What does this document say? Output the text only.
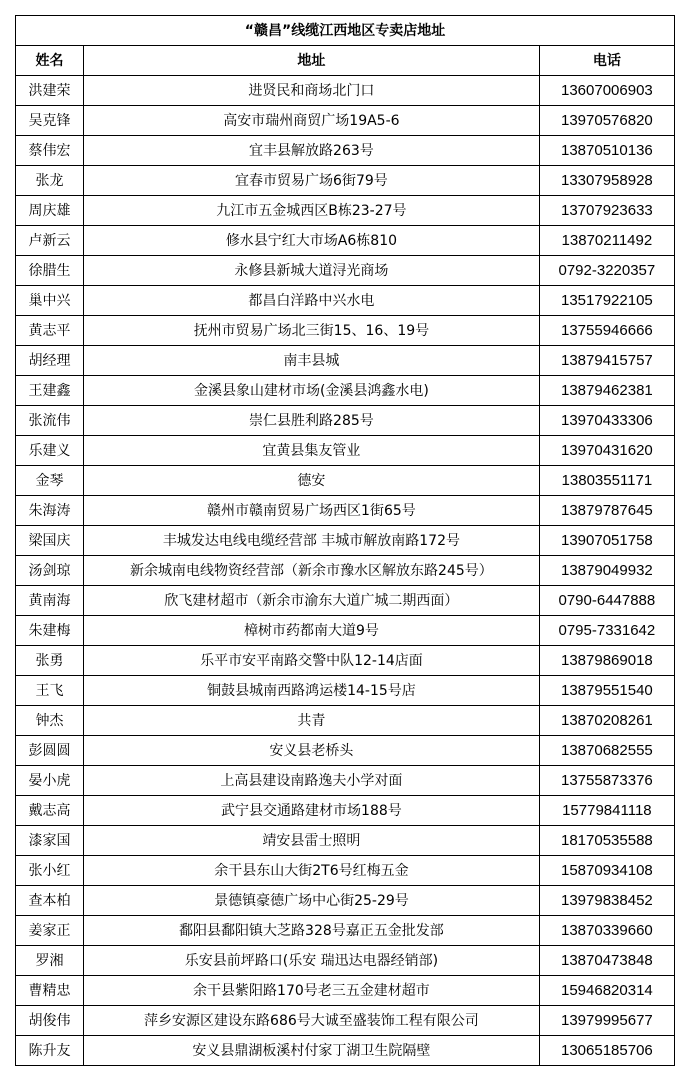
“赣昌”线缆江西地区专卖店地址		
姓名	地址	电话
洪建荣	进贤民和商场北门口	13607006903
吴克锋	高安市瑞州商贸广场19A5-6	13970576820
蔡伟宏	宜丰县解放路263号	13870510136
张龙	宜春市贸易广场6街79号	13307958928
周庆雄	九江市五金城西区B栋23-27号	13707923633
卢新云	修水县宁红大市场A6栋810	13870211492
徐腊生	永修县新城大道浔光商场	0792-3220357
巢中兴	都昌白洋路中兴水电	13517922105
黄志平	抚州市贸易广场北三街15、16、19号	13755946666
胡经理	南丰县城	13879415757
王建鑫	金溪县象山建材市场(金溪县鸿鑫水电)	13879462381
张流伟	崇仁县胜利路285号	13970433306
乐建义	宜黄县集友管业	13970431620
金琴	德安	13803551171
朱海涛	赣州市赣南贸易广场西区1街65号	13879787645
梁国庆	丰城发达电线电缆经营部 丰城市解放南路172号	13907051758
汤剑琼	新余城南电线物资经营部（新余市豫水区解放东路245号）	13879049932
黄南海	欣飞建材超市（新余市渝东大道广城二期西面）	0790-6447888
朱建梅	樟树市药都南大道9号	0795-7331642
张勇	乐平市安平南路交警中队12-14店面	13879869018
王飞	铜鼓县城南西路鸿运楼14-15号店	13879551540
钟杰	共青	13870208261
彭圆圆	安义县老桥头	13870682555
晏小虎	上高县建设南路逸夫小学对面	13755873376
戴志高	武宁县交通路建材市场188号	15779841118
漆家国	靖安县雷士照明	18170535588
张小红	余干县东山大街2T6号红梅五金	15870934108
查本柏	景德镇豪德广场中心街25-29号	13979838452
姜家正	鄱阳县鄱阳镇大芝路328号嘉正五金批发部	13870339660
罗湘	乐安县前坪路口(乐安 瑞迅达电器经销部)	13870473848
曹精忠	余干县紫阳路170号老三五金建材超市	15946820314
胡俊伟	萍乡安源区建设东路686号大诚至盛装饰工程有限公司	13979995677
陈升友	安义县鼎湖板溪村付家丁湖卫生院隔壁	13065185706
